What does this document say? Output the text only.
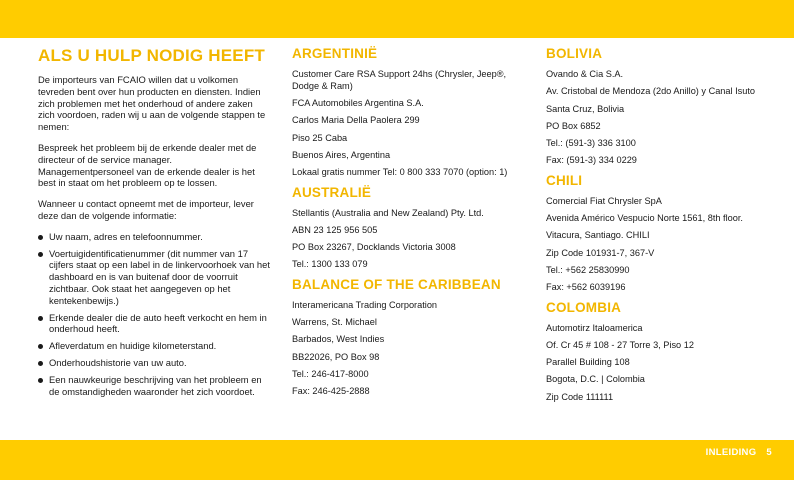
ALS U HULP NODIG HEEFT

De importeurs van FCAIO willen dat u volkomen tevreden bent over hun producten en diensten. Indien zich problemen met het onderhoud of andere zaken zich voordoen, raden wij u aan de volgende stappen te nemen:

Bespreek het probleem bij de erkende dealer met de directeur of de service manager. Managementpersoneel van de erkende dealer is het best in staat om het probleem op te lossen.

Wanneer u contact opneemt met de importeur, lever deze dan de volgende informatie:

Uw naam, adres en telefoonnummer.
Voertuigidentificatienummer (dit nummer van 17 cijfers staat op een label in de linkervoorhoek van het dashboard en is van buitenaf door de voorruit zichtbaar. Ook staat het aangegeven op het kentekenbewijs.)
Erkende dealer die de auto heeft verkocht en hem in onderhoud heeft.
Afleverdatum en huidige kilometerstand.
Onderhoudshistorie van uw auto.
Een nauwkeurige beschrijving van het probleem en de omstandigheden waaronder het zich voordoet.
ARGENTINIË
Customer Care RSA Support 24hs (Chrysler, Jeep®, Dodge & Ram)
FCA Automobiles Argentina S.A.
Carlos Maria Della Paolera 299
Piso 25 Caba
Buenos Aires, Argentina
Lokaal gratis nummer Tel: 0 800 333 7070 (option: 1)
AUSTRALIË
Stellantis (Australia and New Zealand) Pty. Ltd.
ABN 23 125 956 505
PO Box 23267, Docklands Victoria 3008
Tel.: 1300 133 079
BALANCE OF THE CARIBBEAN
Interamericana Trading Corporation
Warrens, St. Michael
Barbados, West Indies
BB22026, PO Box 98
Tel.: 246-417-8000
Fax: 246-425-2888
BOLIVIA
Ovando & Cia S.A.
Av. Cristobal de Mendoza (2do Anillo) y Canal Isuto
Santa Cruz, Bolivia
PO Box 6852
Tel.: (591-3) 336 3100
Fax: (591-3) 334 0229
CHILI
Comercial Fiat Chrysler SpA
Avenida Américo Vespucio Norte 1561, 8th floor.
Vitacura, Santiago. CHILI
Zip Code 101931-7, 367-V
Tel.: +562 25830990
Fax: +562 6039196
COLOMBIA
Automotirz Italoamerica
Of. Cr 45 # 108 - 27 Torre 3, Piso 12
Parallel Building 108
Bogota, D.C. | Colombia
Zip Code 111111
INLEIDING 5
